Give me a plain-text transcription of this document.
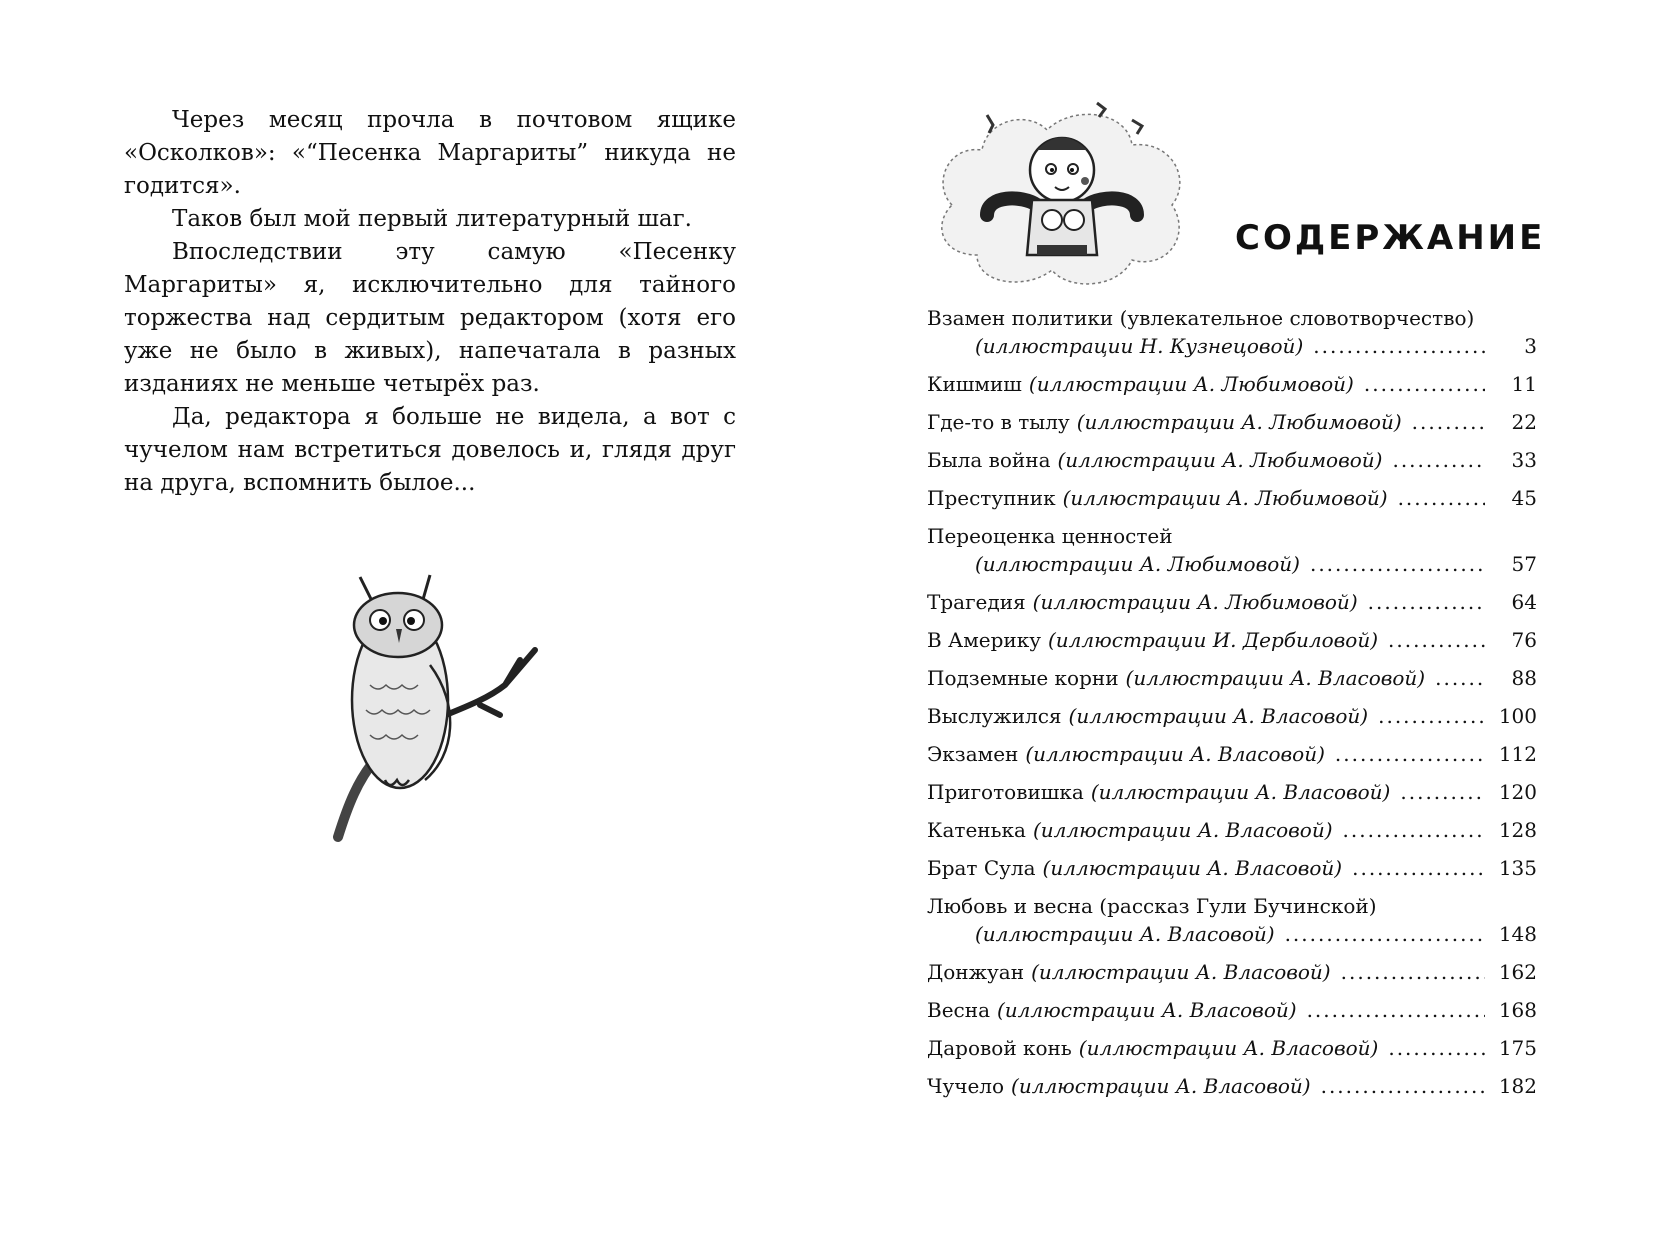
Через месяц прочла в почтовом ящике «Осколков»: «“Песенка Маргариты” никуда не годится».

Таков был мой первый литературный шаг.

Впоследствии эту самую «Песенку Маргариты» я, исключительно для тайного торжества над сердитым редактором (хотя его уже не было в живых), напечатала в разных изданиях не меньше четырёх раз.

Да, редактора я больше не видела, а вот с чучелом нам встретиться довелось и, глядя друг на друга, вспомнить былое...

СОДЕРЖАНИЕ
Взамен политики (увлекательное словотворчество)
(иллюстрации Н. Кузнецовой) .....	3
Кишмиш (иллюстрации А. Любимовой) .....	11
Где-то в тылу (иллюстрации А. Любимовой) .....	22
Была война (иллюстрации А. Любимовой) .....	33
Преступник (иллюстрации А. Любимовой) .....	45
Переоценка ценностей
(иллюстрации А. Любимовой) .....	57
Трагедия (иллюстрации А. Любимовой) .....	64
В Америку (иллюстрации И. Дербиловой) .....	76
Подземные корни (иллюстрации А. Власовой) .....	88
Выслужился (иллюстрации А. Власовой) .....	100
Экзамен (иллюстрации А. Власовой) .....	112
Приготовишка (иллюстрации А. Власовой) .....	120
Катенька (иллюстрации А. Власовой) .....	128
Брат Сула (иллюстрации А. Власовой) .....	135
Любовь и весна (рассказ Гули Бучинской)
(иллюстрации А. Власовой) .....	148
Донжуан (иллюстрации А. Власовой) .....	162
Весна (иллюстрации А. Власовой) .....	168
Даровой конь (иллюстрации А. Власовой) .....	175
Чучело (иллюстрации А. Власовой) .....	182
